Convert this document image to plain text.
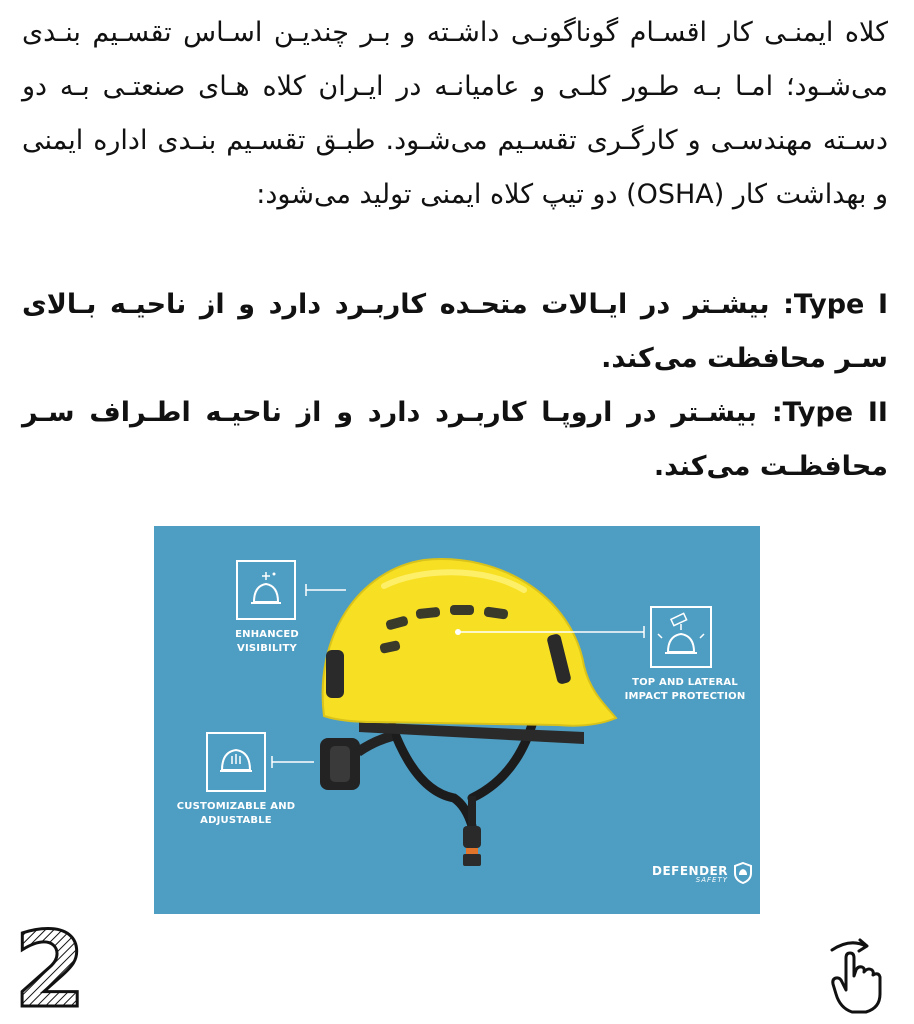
کلاه ایمنـی کار اقسـام گوناگونـی داشـته و بـر چندیـن اسـاس تقسـیم بنـدی می‌شـود؛ امـا بـه طـور کلـی و عامیانـه در ایـران کلاه هـای صنعتـی بـه دو دسـته مهندسـی و کارگـری تقسـیم می‌شـود. طبـق تقسـیم بنـدی اداره ایمنی و بهداشت کار (OSHA) دو تیپ کلاه ایمنی تولید می‌شود:

Type I: بیشـتر در ایـالات متحـده کاربـرد دارد و از ناحیـه بـالای سـر محافظت می‌کند.

Type II: بیشـتر در اروپـا کاربـرد دارد و از ناحیـه اطـراف سـر محافظـت می‌کند.

ENHANCED
VISIBILITY
TOP AND LATERAL
IMPACT PROTECTION
CUSTOMIZABLE AND
ADJUSTABLE
DEFENDER
SAFETY
2
